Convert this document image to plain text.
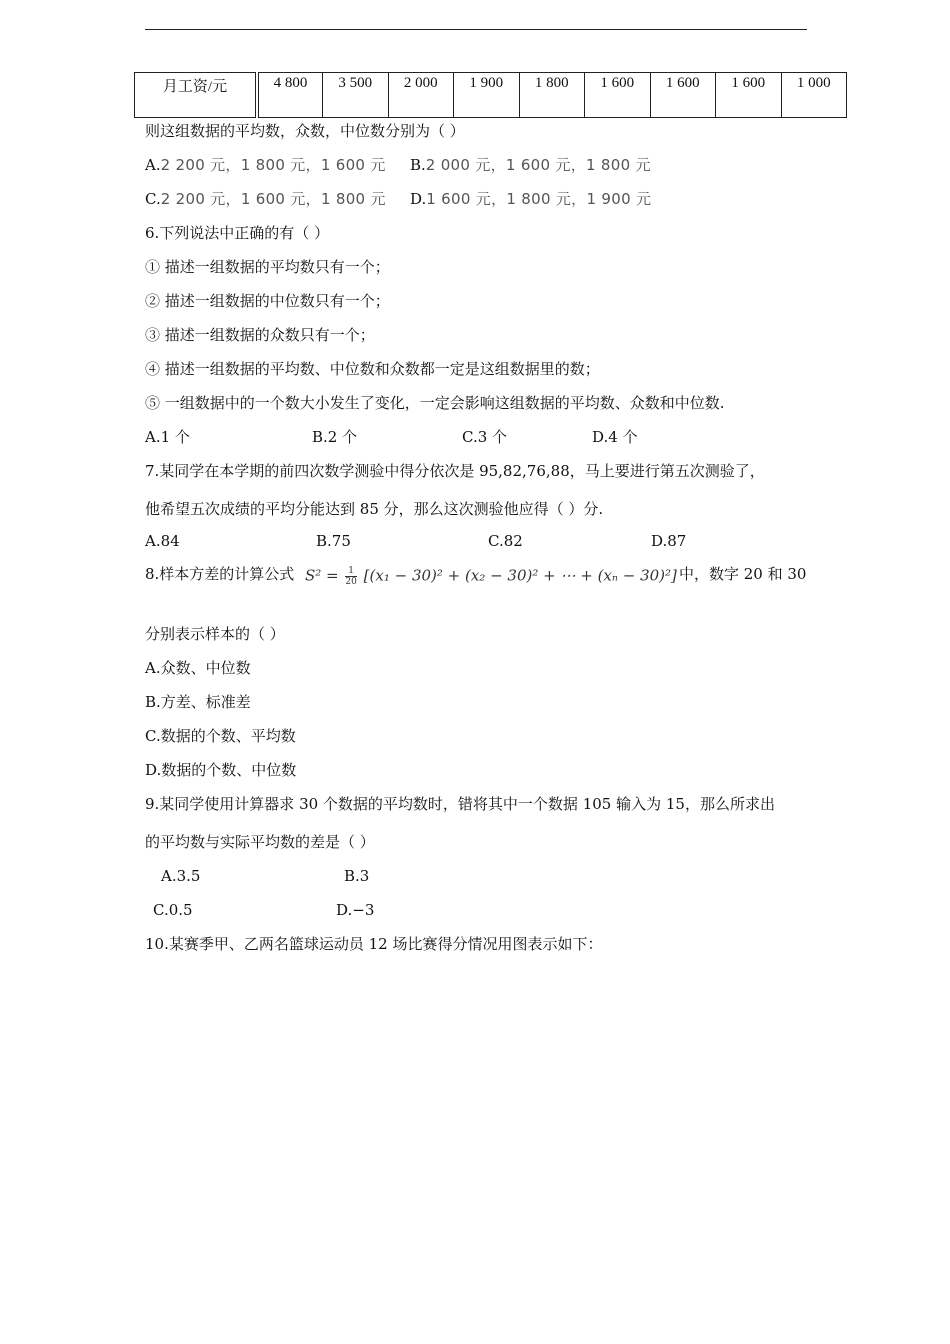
月工资/元	4 800	3 500	2 000	1 900	1 800	1 600	1 600	1 600	1 000
则这组数据的平均数，众数，中位数分别为（ ）
A.2 200 元，1 800 元，1 600 元 B.2 000 元，1 600 元，1 800 元
C.2 200 元，1 600 元，1 800 元 D.1 600 元，1 800 元，1 900 元
6.下列说法中正确的有（ ）
① 描述一组数据的平均数只有一个；
② 描述一组数据的中位数只有一个；
③ 描述一组数据的众数只有一个；
④ 描述一组数据的平均数、中位数和众数都一定是这组数据里的数；
⑤ 一组数据中的一个数大小发生了变化，一定会影响这组数据的平均数、众数和中位数.
A.1 个	B.2 个	C.3 个	D.4 个
7.某同学在本学期的前四次数学测验中得分依次是 95,82,76,88，马上要进行第五次测验了，
他希望五次成绩的平均分能达到 85 分，那么这次测验他应得（ ）分.
A.84	B.75	C.82	D.87
8.样本方差的计算公式 $S^2 = \frac{1}{20} [(x_1 - 30)^2 + (x_2 - 30)^2$ + ⋯ + (xₙ − 30)²] 中，数字 20 和 30
分别表示样本的（ ）
A.众数、中位数
B.方差、标准差
C.数据的个数、平均数
D.数据的个数、中位数
9.某同学使用计算器求 30 个数据的平均数时，错将其中一个数据 105 输入为 15，那么所求出
的平均数与实际平均数的差是（ ）
A.3.5	B.3
C.0.5	D.−3
10.某赛季甲、乙两名篮球运动员 12 场比赛得分情况用图表示如下：
